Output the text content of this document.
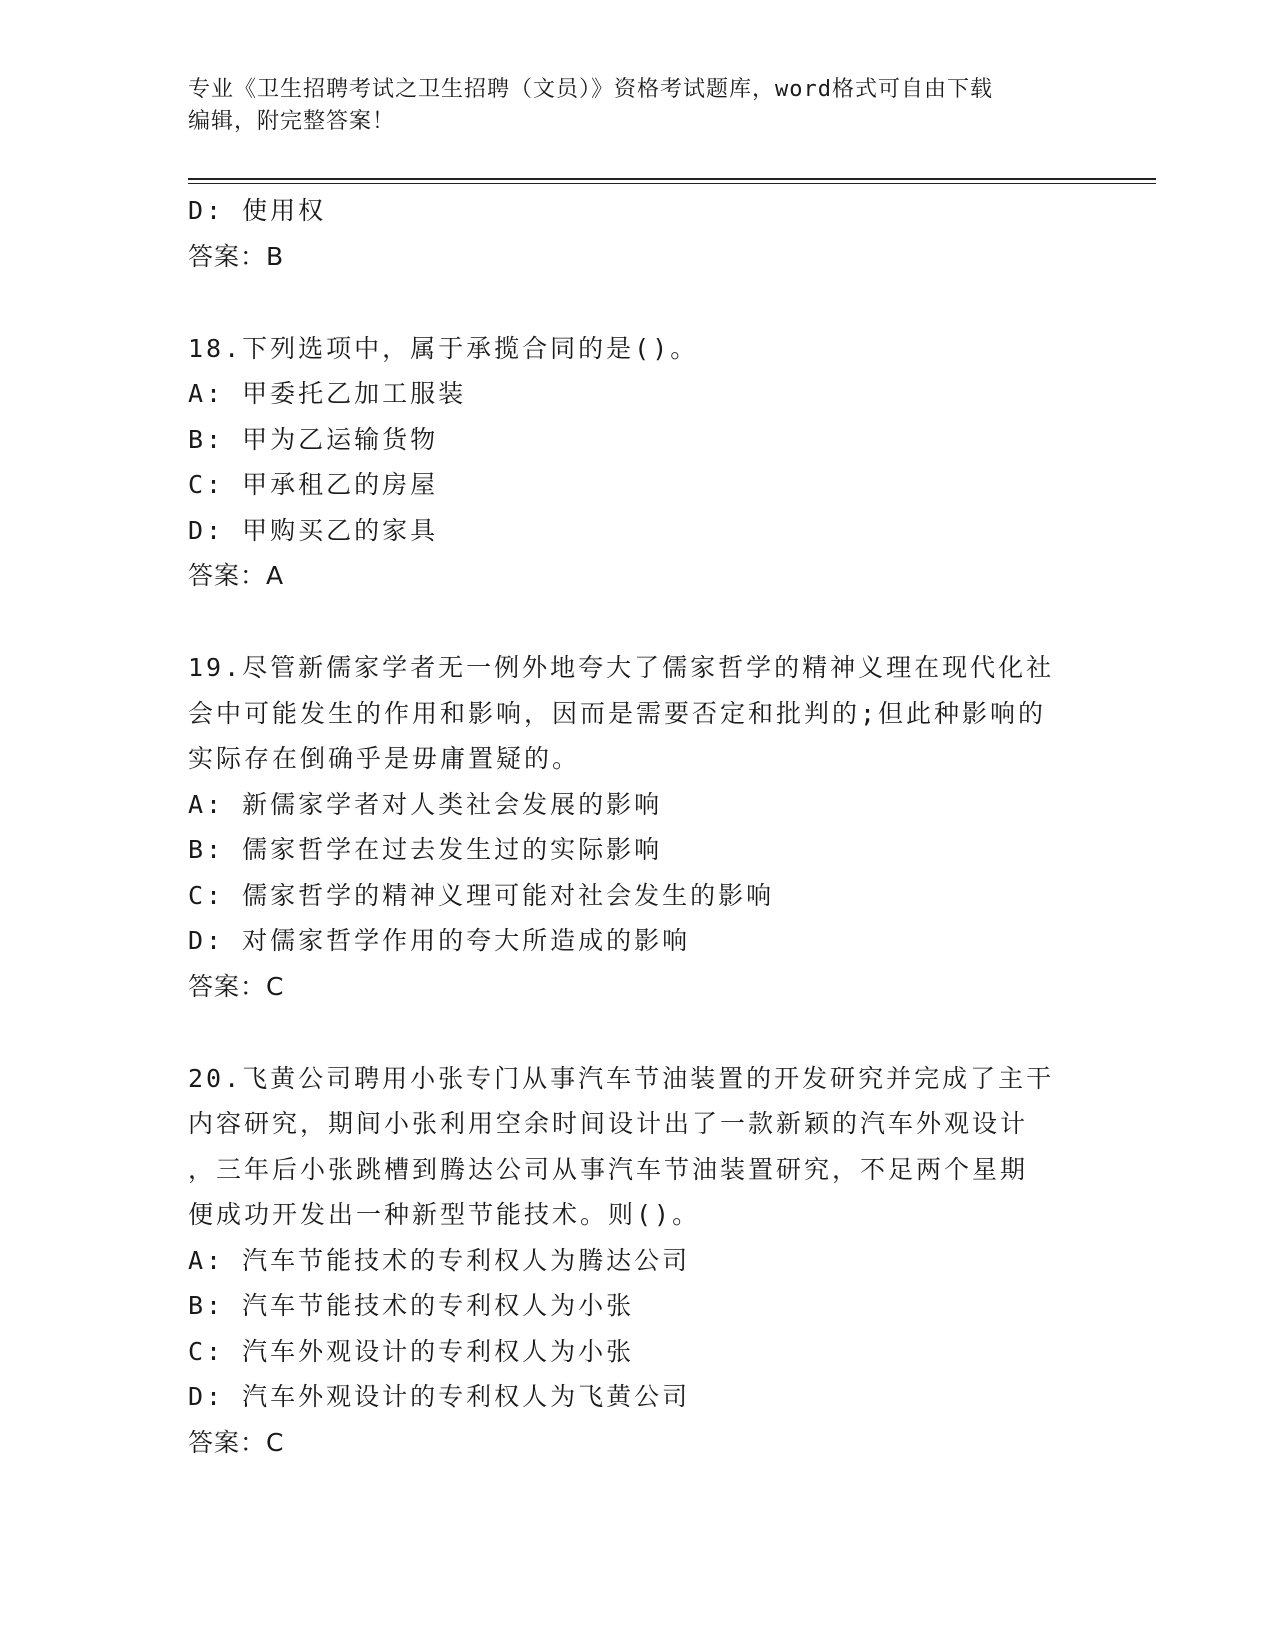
专业《卫生招聘考试之卫生招聘（文员）》资格考试题库，word格式可自由下载
编辑，附完整答案！
D: 使用权
答案：B
18.下列选项中，属于承揽合同的是()。
A: 甲委托乙加工服装
B: 甲为乙运输货物
C: 甲承租乙的房屋
D: 甲购买乙的家具
答案：A
19.尽管新儒家学者无一例外地夸大了儒家哲学的精神义理在现代化社
会中可能发生的作用和影响，因而是需要否定和批判的;但此种影响的
实际存在倒确乎是毋庸置疑的。
A: 新儒家学者对人类社会发展的影响
B: 儒家哲学在过去发生过的实际影响
C: 儒家哲学的精神义理可能对社会发生的影响
D: 对儒家哲学作用的夸大所造成的影响
答案：C
20.飞黄公司聘用小张专门从事汽车节油装置的开发研究并完成了主干
内容研究，期间小张利用空余时间设计出了一款新颖的汽车外观设计
，三年后小张跳槽到腾达公司从事汽车节油装置研究，不足两个星期
便成功开发出一种新型节能技术。则()。
A: 汽车节能技术的专利权人为腾达公司
B: 汽车节能技术的专利权人为小张
C: 汽车外观设计的专利权人为小张
D: 汽车外观设计的专利权人为飞黄公司
答案：C
